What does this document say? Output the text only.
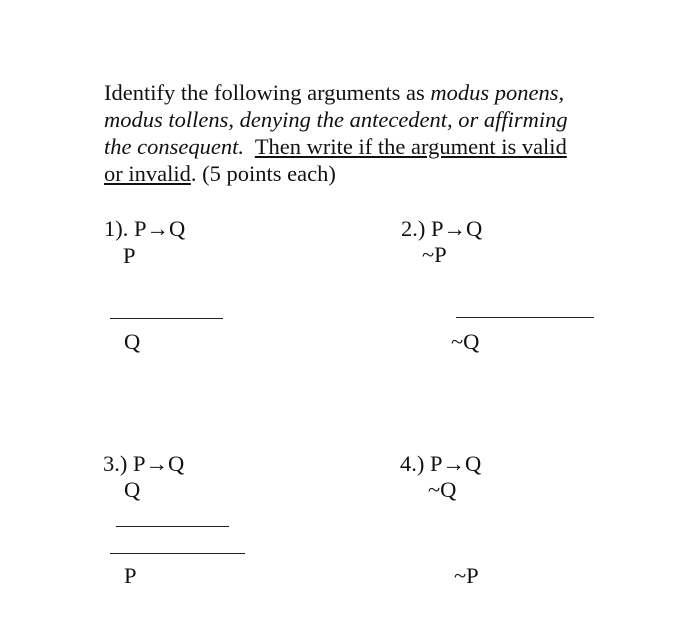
Identify the following arguments as modus ponens,
modus tollens, denying the antecedent, or affirming
the consequent. Then write if the argument is valid
or invalid. (5 points each)

1). P→Q
P
Q
2.) P→Q
~P
~Q
3.) P→Q
Q
P
4.) P→Q
~Q
~P
